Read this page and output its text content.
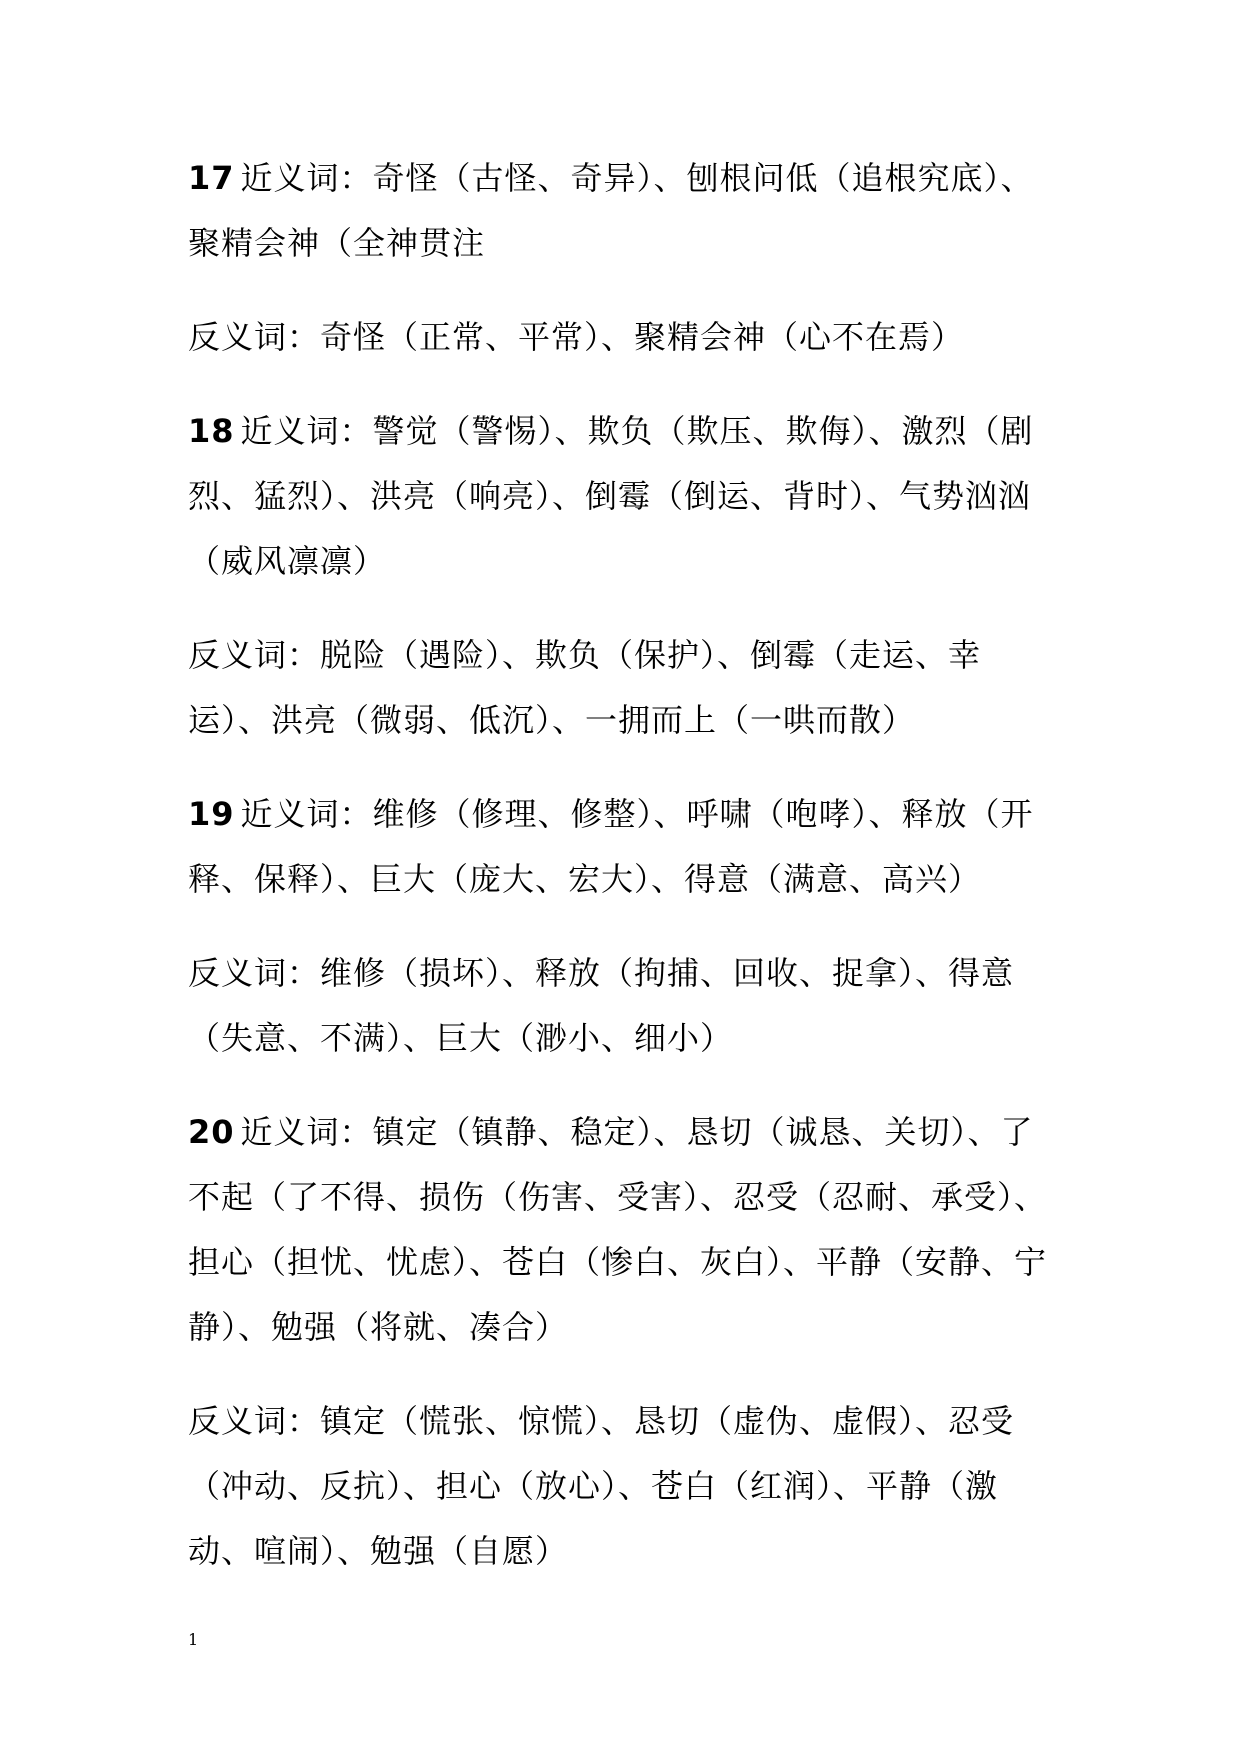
17 近义词：奇怪（古怪、奇异）、刨根问低（追根究底）、聚精会神（全神贯注

反义词：奇怪（正常、平常）、聚精会神（心不在焉）

18 近义词：警觉（警惕）、欺负（欺压、欺侮）、激烈（剧烈、猛烈）、洪亮（响亮）、倒霉（倒运、背时）、气势汹汹（威风凛凛）

反义词：脱险（遇险）、欺负（保护）、倒霉（走运、幸运）、洪亮（微弱、低沉）、一拥而上（一哄而散）

19 近义词：维修（修理、修整）、呼啸（咆哮）、释放（开释、保释）、巨大（庞大、宏大）、得意（满意、高兴）

反义词：维修（损坏）、释放（拘捕、回收、捉拿）、得意（失意、不满）、巨大（渺小、细小）

20 近义词：镇定（镇静、稳定）、恳切（诚恳、关切）、了不起（了不得、损伤（伤害、受害）、忍受（忍耐、承受）、担心（担忧、忧虑）、苍白（惨白、灰白）、平静（安静、宁静）、勉强（将就、凑合）

反义词：镇定（慌张、惊慌）、恳切（虚伪、虚假）、忍受（冲动、反抗）、担心（放心）、苍白（红润）、平静（激动、喧闹）、勉强（自愿）

1
